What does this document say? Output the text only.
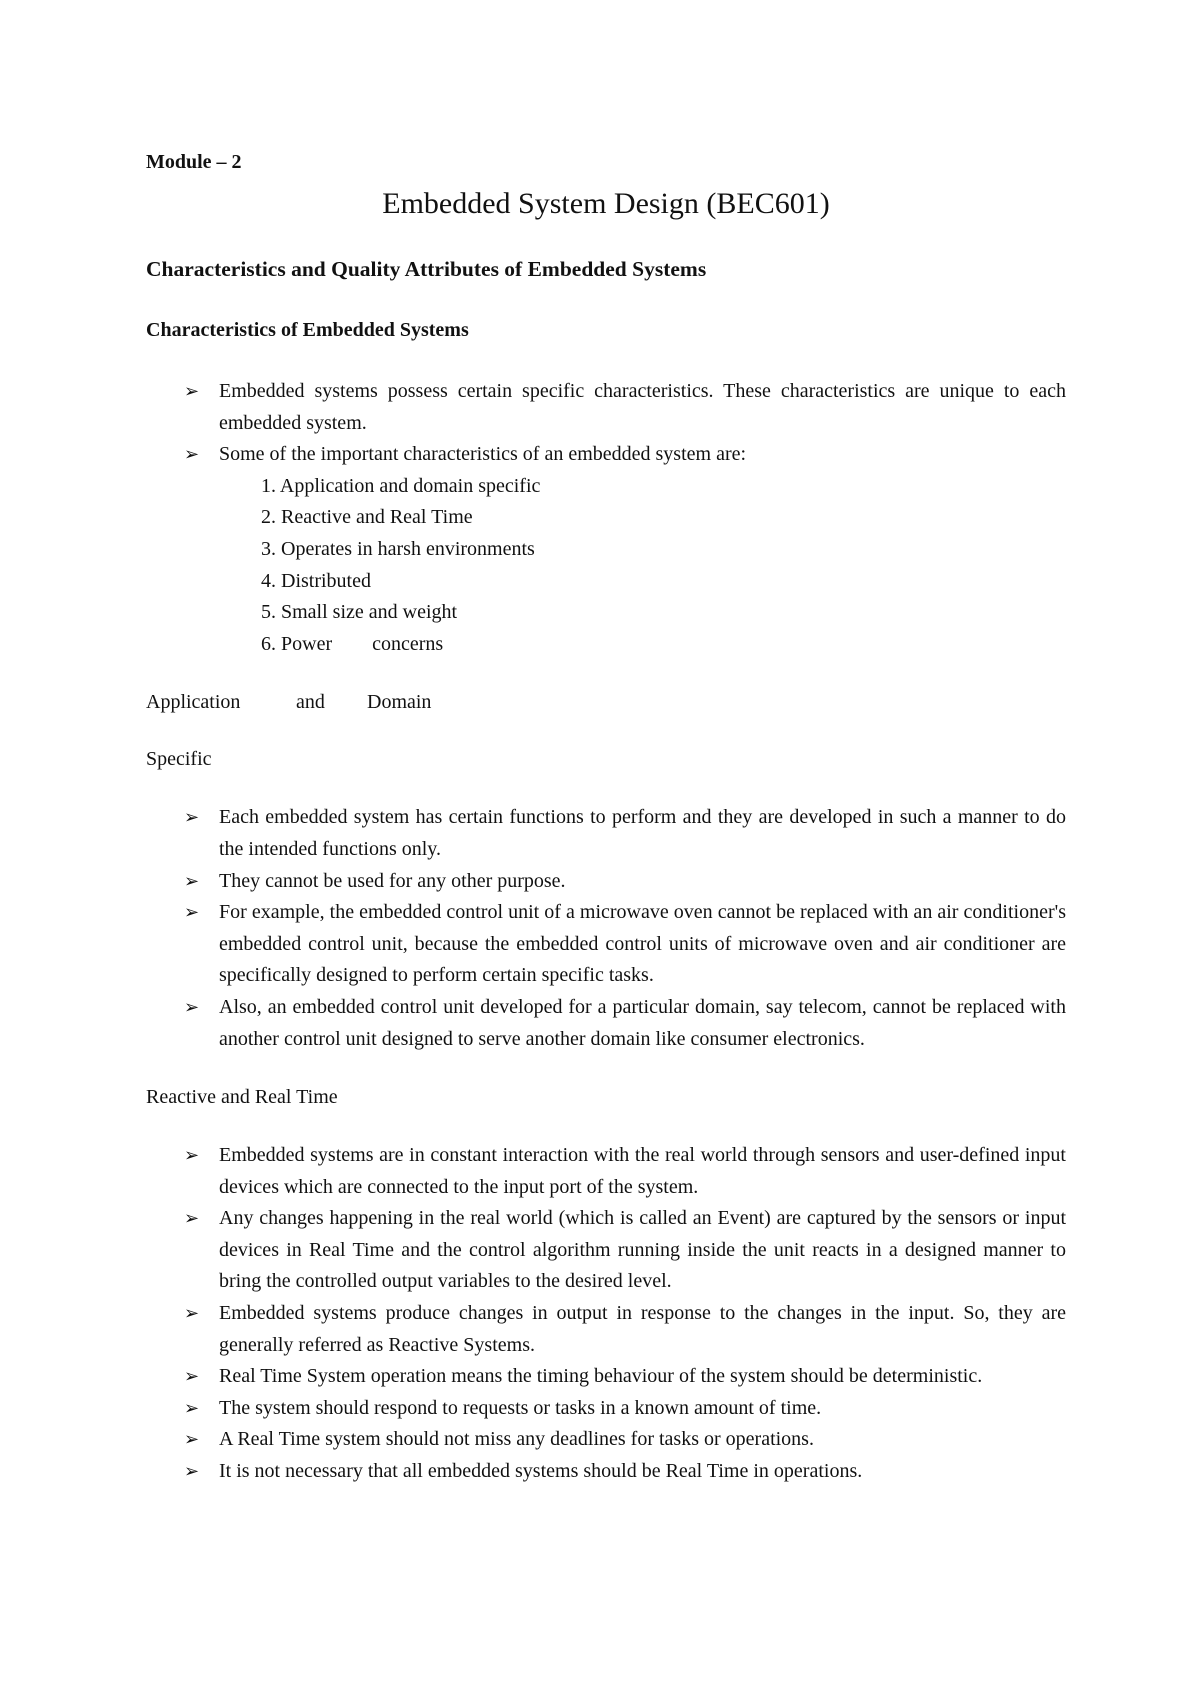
Module – 2

Embedded System Design (BEC601)
Characteristics and Quality Attributes of Embedded Systems
Characteristics of Embedded Systems
➢ Embedded systems possess certain specific characteristics. These characteristics are unique to each embedded system.
➢ Some of the important characteristics of an embedded system are:
1. Application and domain specific
2. Reactive and Real Time
3. Operates in harsh environments
4. Distributed
5. Small size and weight
6. Power concerns

Application	and Domain

Specific

➢ Each embedded system has certain functions to perform and they are developed in such a manner to do the intended functions only.
➢ They cannot be used for any other purpose.
➢ For example, the embedded control unit of a microwave oven cannot be replaced with an air conditioner's embedded control unit, because the embedded control units of microwave oven and air conditioner are specifically designed to perform certain specific tasks.
➢ Also, an embedded control unit developed for a particular domain, say telecom, cannot be replaced with another control unit designed to serve another domain like consumer electronics.

Reactive and Real Time

➢ Embedded systems are in constant interaction with the real world through sensors and user-defined input devices which are connected to the input port of the system.
➢ Any changes happening in the real world (which is called an Event) are captured by the sensors or input devices in Real Time and the control algorithm running inside the unit reacts in a designed manner to bring the controlled output variables to the desired level.
➢ Embedded systems produce changes in output in response to the changes in the input. So, they are generally referred as Reactive Systems.
➢ Real Time System operation means the timing behaviour of the system should be deterministic.
➢ The system should respond to requests or tasks in a known amount of time.
➢ A Real Time system should not miss any deadlines for tasks or operations.
➢ It is not necessary that all embedded systems should be Real Time in operations.
